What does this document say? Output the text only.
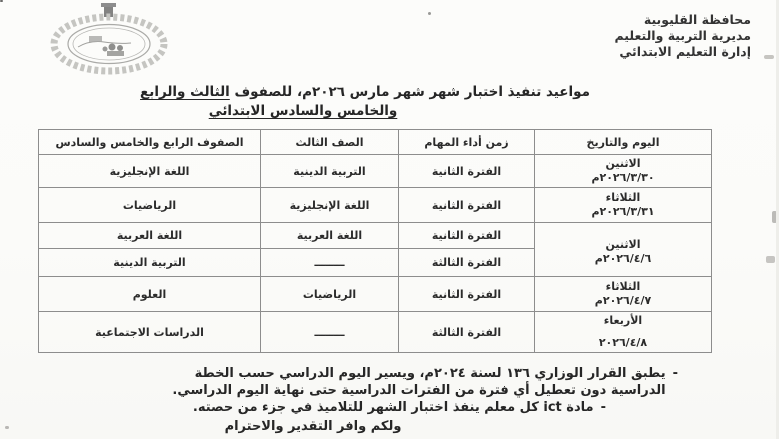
محافظة القليوبية
مديرية التربية والتعليم
إدارة التعليم الابتدائي
مواعيد تنفيذ اختبار شهر شهر مارس ٢٠٢٦م، للصفوف الثالث والرابع
والخامس والسادس الابتدائي
اليوم والتاريخ	زمن أداء المهام	الصف الثالث	الصفوف الرابع والخامس والسادس

الاثنين
٢٠٢٦/٣/٣٠م	الفترة الثانية	التربية الدينية	اللغة الإنجليزية

الثلاثاء
٢٠٢٦/٣/٣١م	الفترة الثانية	اللغة الإنجليزية	الرياضيات

الاثنين
٢٠٢٦/٤/٦م	الفترة الثانية	اللغة العربية	اللغة العربية
	الفترة الثالثة	ــــــــ	التربية الدينية

الثلاثاء
٢٠٢٦/٤/٧م	الفترة الثانية	الرياضيات	العلوم

الأربعاء
٢٠٢٦/٤/٨	الفترة الثالثة	ــــــــ	الدراسات الاجتماعية
-
يطبق القرار الوزاري ١٣٦ لسنة ٢٠٢٤م، ويسير اليوم الدراسي حسب الخطة
الدراسية دون تعطيل أي فترة من الفترات الدراسية حتى نهاية اليوم الدراسي.
-
مادة ict كل معلم ينفذ اختبار الشهر للتلاميذ في جزء من حصته.
ولكم وافر التقدير والاحترام
